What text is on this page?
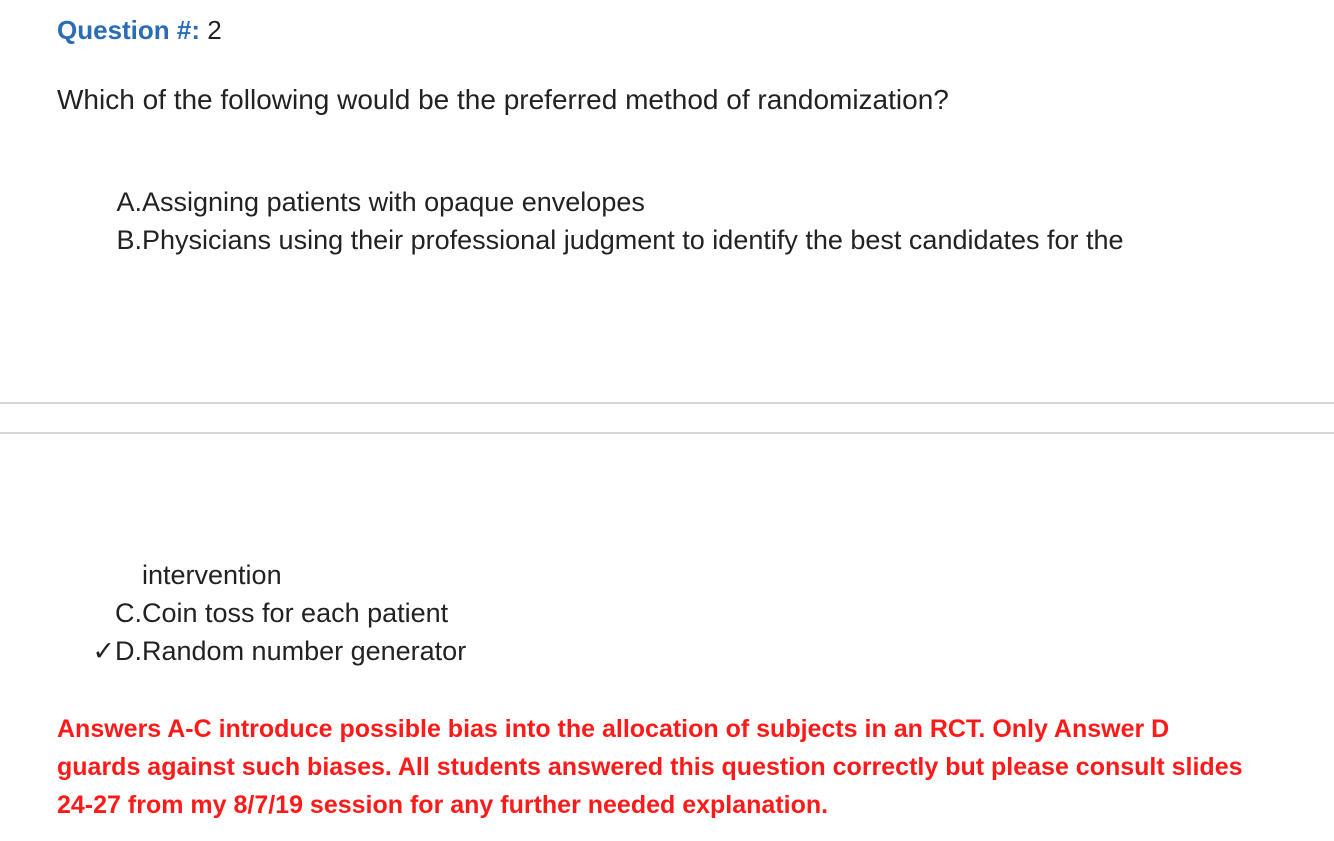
Question #: 2
Which of the following would be the preferred method of randomization?
A. Assigning patients with opaque envelopes
B. Physicians using their professional judgment to identify the best candidates for the
intervention
C. Coin toss for each patient
✓D. Random number generator
Answers A-C introduce possible bias into the allocation of subjects in an RCT. Only Answer D guards against such biases. All students answered this question correctly but please consult slides 24-27 from my 8/7/19 session for any further needed explanation.
